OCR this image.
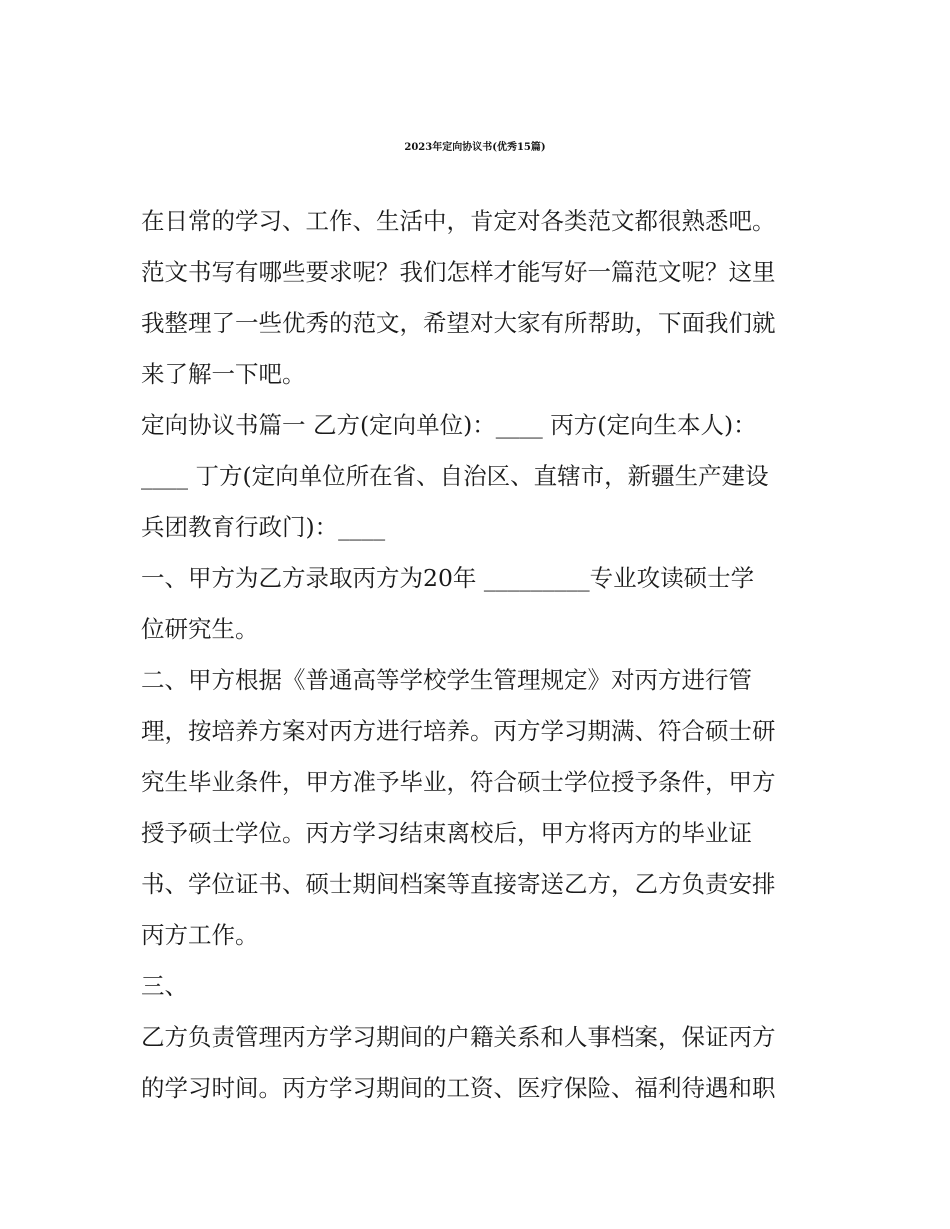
2023年定向协议书(优秀15篇)
在日常的学习、工作、生活中，肯定对各类范文都很熟悉吧。
范文书写有哪些要求呢？我们怎样才能写好一篇范文呢？这里
我整理了一些优秀的范文，希望对大家有所帮助，下面我们就
来了解一下吧。
定向协议书篇一 乙方(定向单位)：____ 丙方(定向生本人)：
____ 丁方(定向单位所在省、自治区、直辖市，新疆生产建设
兵团教育行政门)：____
一、甲方为乙方录取丙方为20年 _________专业攻读硕士学
位研究生。
二、甲方根据《普通高等学校学生管理规定》对丙方进行管
理，按培养方案对丙方进行培养。丙方学习期满、符合硕士研
究生毕业条件，甲方准予毕业，符合硕士学位授予条件，甲方
授予硕士学位。丙方学习结束离校后，甲方将丙方的毕业证
书、学位证书、硕士期间档案等直接寄送乙方，乙方负责安排
丙方工作。
三、
乙方负责管理丙方学习期间的户籍关系和人事档案，保证丙方
的学习时间。丙方学习期间的工资、医疗保险、福利待遇和职
